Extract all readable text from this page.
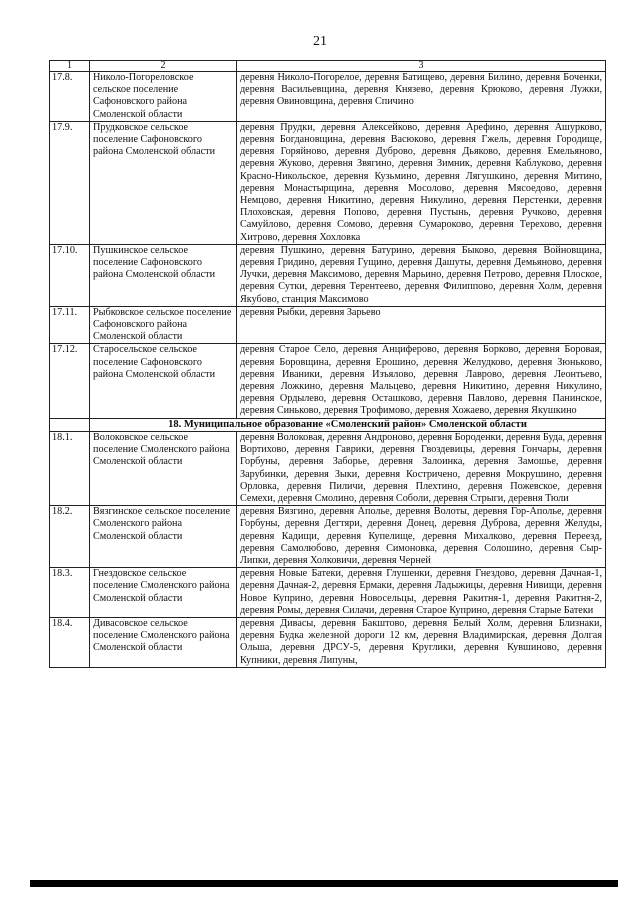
21
1	2	3
17.8.	Николо-Погореловское сельское поселение Сафоновского района Смоленской области	деревня Николо-Погорелое, деревня Батищево, деревня Билино, деревня Боченки, деревня Васильевщина, деревня Князево, деревня Крюково, деревня Лужки, деревня Овиновщина, деревня Спичино
17.9.	Прудковское сельское поселение Сафоновского района Смоленской области	деревня Прудки, деревня Алексейково, деревня Арефино, деревня Ашурково, деревня Богдановщина, деревня Васюково, деревня Гжель, деревня Городище, деревня Горяйново, деревня Дуброво, деревня Дьяково, деревня Емельяново, деревня Жуково, деревня Звягино, деревня Зимник, деревня Каблуково, деревня Красно-Никольское, деревня Кузьмино, деревня Лягушкино, деревня Митино, деревня Монастырщина, деревня Мосолово, деревня Мясоедово, деревня Немцово, деревня Никитино, деревня Никулино, деревня Перстенки, деревня Плоховская, деревня Попово, деревня Пустынь, деревня Ручково, деревня Самуйлово, деревня Сомово, деревня Сумароково, деревня Терехово, деревня Хитрово, деревня Хохловка
17.10.	Пушкинское сельское поселение Сафоновского района Смоленской области	деревня Пушкино, деревня Батурино, деревня Быково, деревня Войновщина, деревня Гридино, деревня Гущино, деревня Дашуты, деревня Демьяново, деревня Лучки, деревня Максимово, деревня Марьино, деревня Петрово, деревня Плоское, деревня Сутки, деревня Терентеево, деревня Филиппово, деревня Холм, деревня Якубово, станция Максимово
17.11.	Рыбковское сельское поселение Сафоновского района Смоленской области	деревня Рыбки, деревня Зарьево
17.12.	Старосельское сельское поселение Сафоновского района Смоленской области	деревня Старое Село, деревня Анциферово, деревня Борково, деревня Боровая, деревня Боровщина, деревня Ерошино, деревня Желудково, деревня Зюньково, деревня Иваники, деревня Изъялово, деревня Лаврово, деревня Леонтьево, деревня Ложкино, деревня Мальцево, деревня Никитино, деревня Никулино, деревня Ордылево, деревня Осташково, деревня Павлово, деревня Панинское, деревня Синьково, деревня Трофимово, деревня Хожаево, деревня Якушкино
	18. Муниципальное образование «Смоленский район» Смоленской области	
18.1.	Волоковское сельское поселение Смоленского района Смоленской области	деревня Волоковая, деревня Андроново, деревня Бороденки, деревня Буда, деревня Вортихово, деревня Гаврики, деревня Гвоздевицы, деревня Гончары, деревня Горбуны, деревня Заборье, деревня Залоинка, деревня Замошье, деревня Зарубинки, деревня Зыки, деревня Костричено, деревня Мокрушино, деревня Орловка, деревня Пиличи, деревня Плехтино, деревня Пожевское, деревня Семехи, деревня Смолино, деревня Соболи, деревня Стрыги, деревня Тюли
18.2.	Вязгинское сельское поселение Смоленского района Смоленской области	деревня Вязгино, деревня Аполье, деревня Волоты, деревня Гор-Аполье, деревня Горбуны, деревня Дегтяри, деревня Донец, деревня Дуброва, деревня Желуды, деревня Кадищи, деревня Купелище, деревня Михалково, деревня Переезд, деревня Самолюбово, деревня Симоновка, деревня Солошино, деревня Сыр-Липки, деревня Холковичи, деревня Черней
18.3.	Гнездовское сельское поселение Смоленского района Смоленской области	деревня Новые Батеки, деревня Глушенки, деревня Гнездово, деревня Дачная-1, деревня Дачная-2, деревня Ермаки, деревня Ладыжицы, деревня Нивищи, деревня Новое Куприно, деревня Новосельцы, деревня Ракитня-1, деревня Ракитня-2, деревня Ромы, деревня Силачи, деревня Старое Куприно, деревня Старые Батеки
18.4.	Дивасовское сельское поселение Смоленского района Смоленской области	деревня Дивасы, деревня Бакштово, деревня Белый Холм, деревня Близнаки, деревня Будка железной дороги 12 км, деревня Владимирская, деревня Долгая Ольша, деревня ДРСУ-5, деревня Круглики, деревня Кувшиново, деревня Купники, деревня Липуны,
